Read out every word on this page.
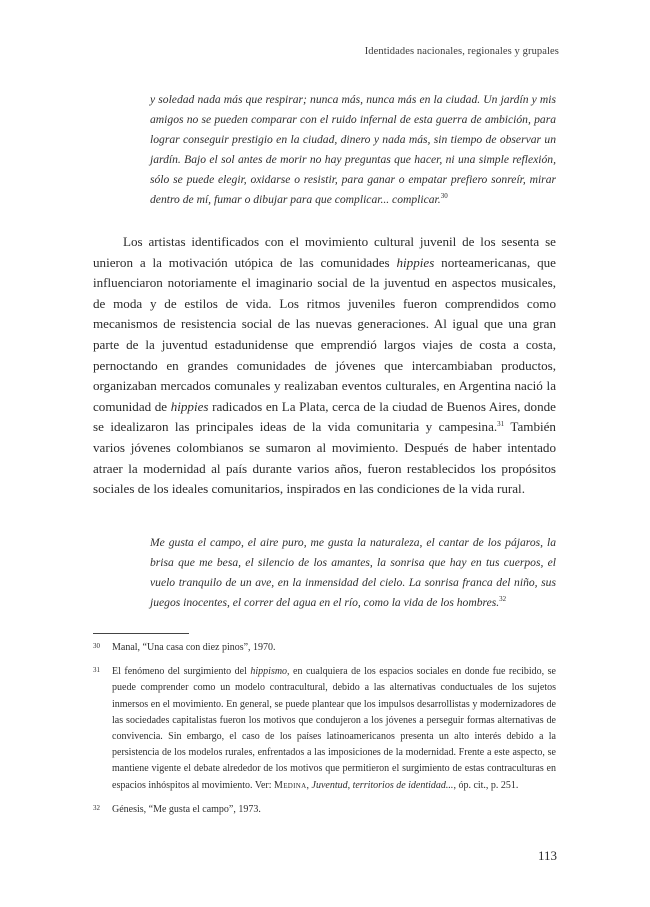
Identidades nacionales, regionales y grupales

y soledad nada más que respirar; nunca más, nunca más en la ciudad. Un jardín y mis amigos no se pueden comparar con el ruido infernal de esta guerra de ambición, para lograr conseguir prestigio en la ciudad, dinero y nada más, sin tiempo de observar un jardín. Bajo el sol antes de morir no hay preguntas que hacer, ni una simple reflexión, sólo se puede elegir, oxidarse o resistir, para ganar o empatar prefiero sonreír, mirar dentro de mí, fumar o dibujar para que complicar... complicar.$^{30}$

Los artistas identificados con el movimiento cultural juvenil de los sesenta se unieron a la motivación utópica de las comunidades hippies norteamericanas, que influenciaron notoriamente el imaginario social de la juventud en aspectos musicales, de moda y de estilos de vida. Los ritmos juveniles fueron comprendidos como mecanismos de resistencia social de las nuevas generaciones. Al igual que una gran parte de la juventud estadunidense que emprendió largos viajes de costa a costa, pernoctando en grandes comunidades de jóvenes que intercambiaban productos, organizaban mercados comunales y realizaban eventos culturales, en Argentina nació la comunidad de hippies radicados en La Plata, cerca de la ciudad de Buenos Aires, donde se idealizaron las principales ideas de la vida comunitaria y campesina.$^{31}$ También varios jóvenes colombianos se sumaron al movimiento. Después de haber intentado atraer la modernidad al país durante varios años, fueron restablecidos los propósitos sociales de los ideales comunitarios, inspirados en las condiciones de la vida rural.

Me gusta el campo, el aire puro, me gusta la naturaleza, el cantar de los pájaros, la brisa que me besa, el silencio de los amantes, la sonrisa que hay en tus cuerpos, el vuelo tranquilo de un ave, en la inmensidad del cielo. La sonrisa franca del niño, sus juegos inocentes, el correr del agua en el río, como la vida de los hombres.$^{32}$

30 Manal, “Una casa con diez pinos”, 1970.
31 El fenómeno del surgimiento del hippismo, en cualquiera de los espacios sociales en donde fue recibido, se puede comprender como un modelo contracultural, debido a las alternativas conductuales de los sujetos inmersos en el movimiento. En general, se puede plantear que los impulsos desarrollistas y modernizadores de las sociedades capitalistas fueron los motivos que condujeron a los jóvenes a perseguir formas alternativas de convivencia. Sin embargo, el caso de los países latinoamericanos presenta un alto interés debido a la persistencia de los modelos rurales, enfrentados a las imposiciones de la modernidad. Frente a este aspecto, se mantiene vigente el debate alrededor de los motivos que permitieron el surgimiento de estas contraculturas en espacios inhóspitos al movimiento. Ver: Medina, Juventud, territorios de identidad..., óp. cit., p. 251.
32 Génesis, “Me gusta el campo”, 1973.
113
